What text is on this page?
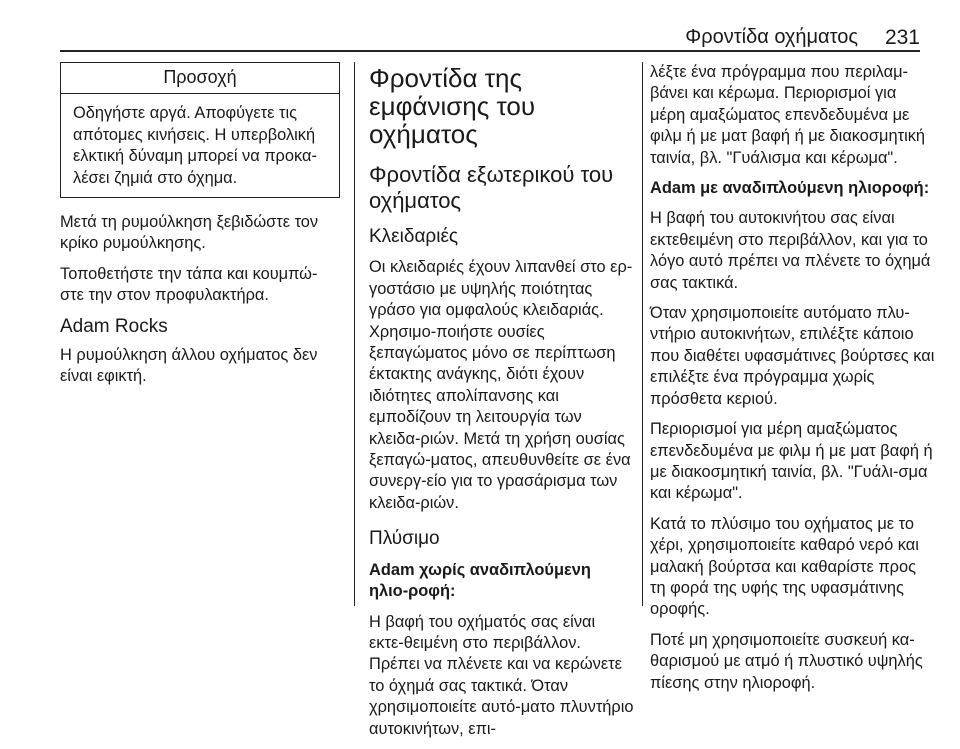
Φροντίδα οχήματος 231
Προσοχή
Οδηγήστε αργά. Αποφύγετε τις απότομες κινήσεις. Η υπερβολική ελκτική δύναμη μπορεί να προκα-λέσει ζημιά στο όχημα.

Μετά τη ρυμούλκηση ξεβιδώστε τον κρίκο ρυμούλκησης.

Τοποθετήστε την τάπα και κουμπώ-στε την στον προφυλακτήρα.

Adam Rocks

Η ρυμούλκηση άλλου οχήματος δεν είναι εφικτή.

Φροντίδα της εμφάνισης του οχήματος
Φροντίδα εξωτερικού του οχήματος
Κλειδαριές

Οι κλειδαριές έχουν λιπανθεί στο ερ-γοστάσιο με υψηλής ποιότητας γράσο για ομφαλούς κλειδαριάς. Χρησιμο-ποιήστε ουσίες ξεπαγώματος μόνο σε περίπτωση έκτακτης ανάγκης, διότι έχουν ιδιότητες απολίπανσης και εμποδίζουν τη λειτουργία των κλειδα-ριών. Μετά τη χρήση ουσίας ξεπαγώ-ματος, απευθυνθείτε σε ένα συνεργ-είο για το γρασάρισμα των κλειδα-ριών.

Πλύσιμο

Adam χωρίς αναδιπλούμενη ηλιο-ροφή:

Η βαφή του οχήματός σας είναι εκτε-θειμένη στο περιβάλλον. Πρέπει να πλένετε και να κερώνετε το όχημά σας τακτικά. Όταν χρησιμοποιείτε αυτό-ματο πλυντήριο αυτοκινήτων, επι-

λέξτε ένα πρόγραμμα που περιλαμ-βάνει και κέρωμα. Περιορισμοί για μέρη αμαξώματος επενδεδυμένα με φιλμ ή με ματ βαφή ή με διακοσμητική ταινία, βλ. "Γυάλισμα και κέρωμα".

Adam με αναδιπλούμενη ηλιοροφή:

Η βαφή του αυτοκινήτου σας είναι εκτεθειμένη στο περιβάλλον, και για το λόγο αυτό πρέπει να πλένετε το όχημά σας τακτικά.

Όταν χρησιμοποιείτε αυτόματο πλυ-ντήριο αυτοκινήτων, επιλέξτε κάποιο που διαθέτει υφασμάτινες βούρτσες και επιλέξτε ένα πρόγραμμα χωρίς πρόσθετα κεριού.

Περιορισμοί για μέρη αμαξώματος επενδεδυμένα με φιλμ ή με ματ βαφή ή με διακοσμητική ταινία, βλ. "Γυάλι-σμα και κέρωμα".

Κατά το πλύσιμο του οχήματος με το χέρι, χρησιμοποιείτε καθαρό νερό και μαλακή βούρτσα και καθαρίστε προς τη φορά της υφής της υφασμάτινης οροφής.

Ποτέ μη χρησιμοποιείτε συσκευή κα-θαρισμού με ατμό ή πλυστικό υψηλής πίεσης στην ηλιοροφή.
